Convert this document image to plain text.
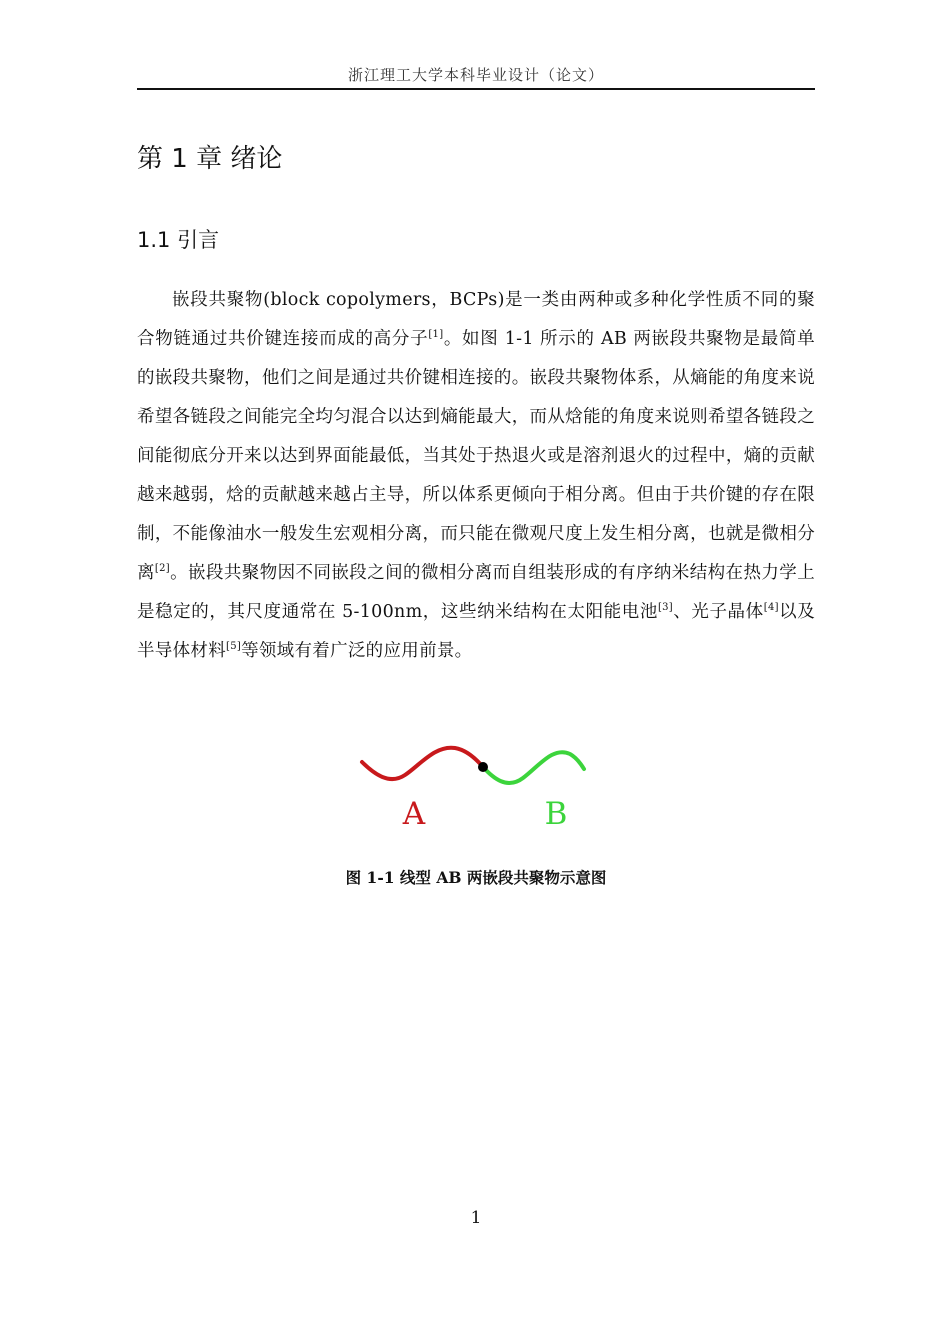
浙江理工大学本科毕业设计（论文）
第 1 章 绪论
1.1 引言

嵌段共聚物(block copolymers，BCPs)是一类由两种或多种化学性质不同的聚合物链通过共价键连接而成的高分子[1]。如图 1-1 所示的 AB 两嵌段共聚物是最简单的嵌段共聚物，他们之间是通过共价键相连接的。嵌段共聚物体系，从熵能的角度来说希望各链段之间能完全均匀混合以达到熵能最大，而从焓能的角度来说则希望各链段之间能彻底分开来以达到界面能最低，当其处于热退火或是溶剂退火的过程中，熵的贡献越来越弱，焓的贡献越来越占主导，所以体系更倾向于相分离。但由于共价键的存在限制，不能像油水一般发生宏观相分离，而只能在微观尺度上发生相分离，也就是微相分离[2]。嵌段共聚物因不同嵌段之间的微相分离而自组装形成的有序纳米结构在热力学上是稳定的，其尺度通常在 5-100nm，这些纳米结构在太阳能电池[3]、光子晶体[4]以及半导体材料[5]等领域有着广泛的应用前景。

A	B

图 1-1 线型 AB 两嵌段共聚物示意图

1
